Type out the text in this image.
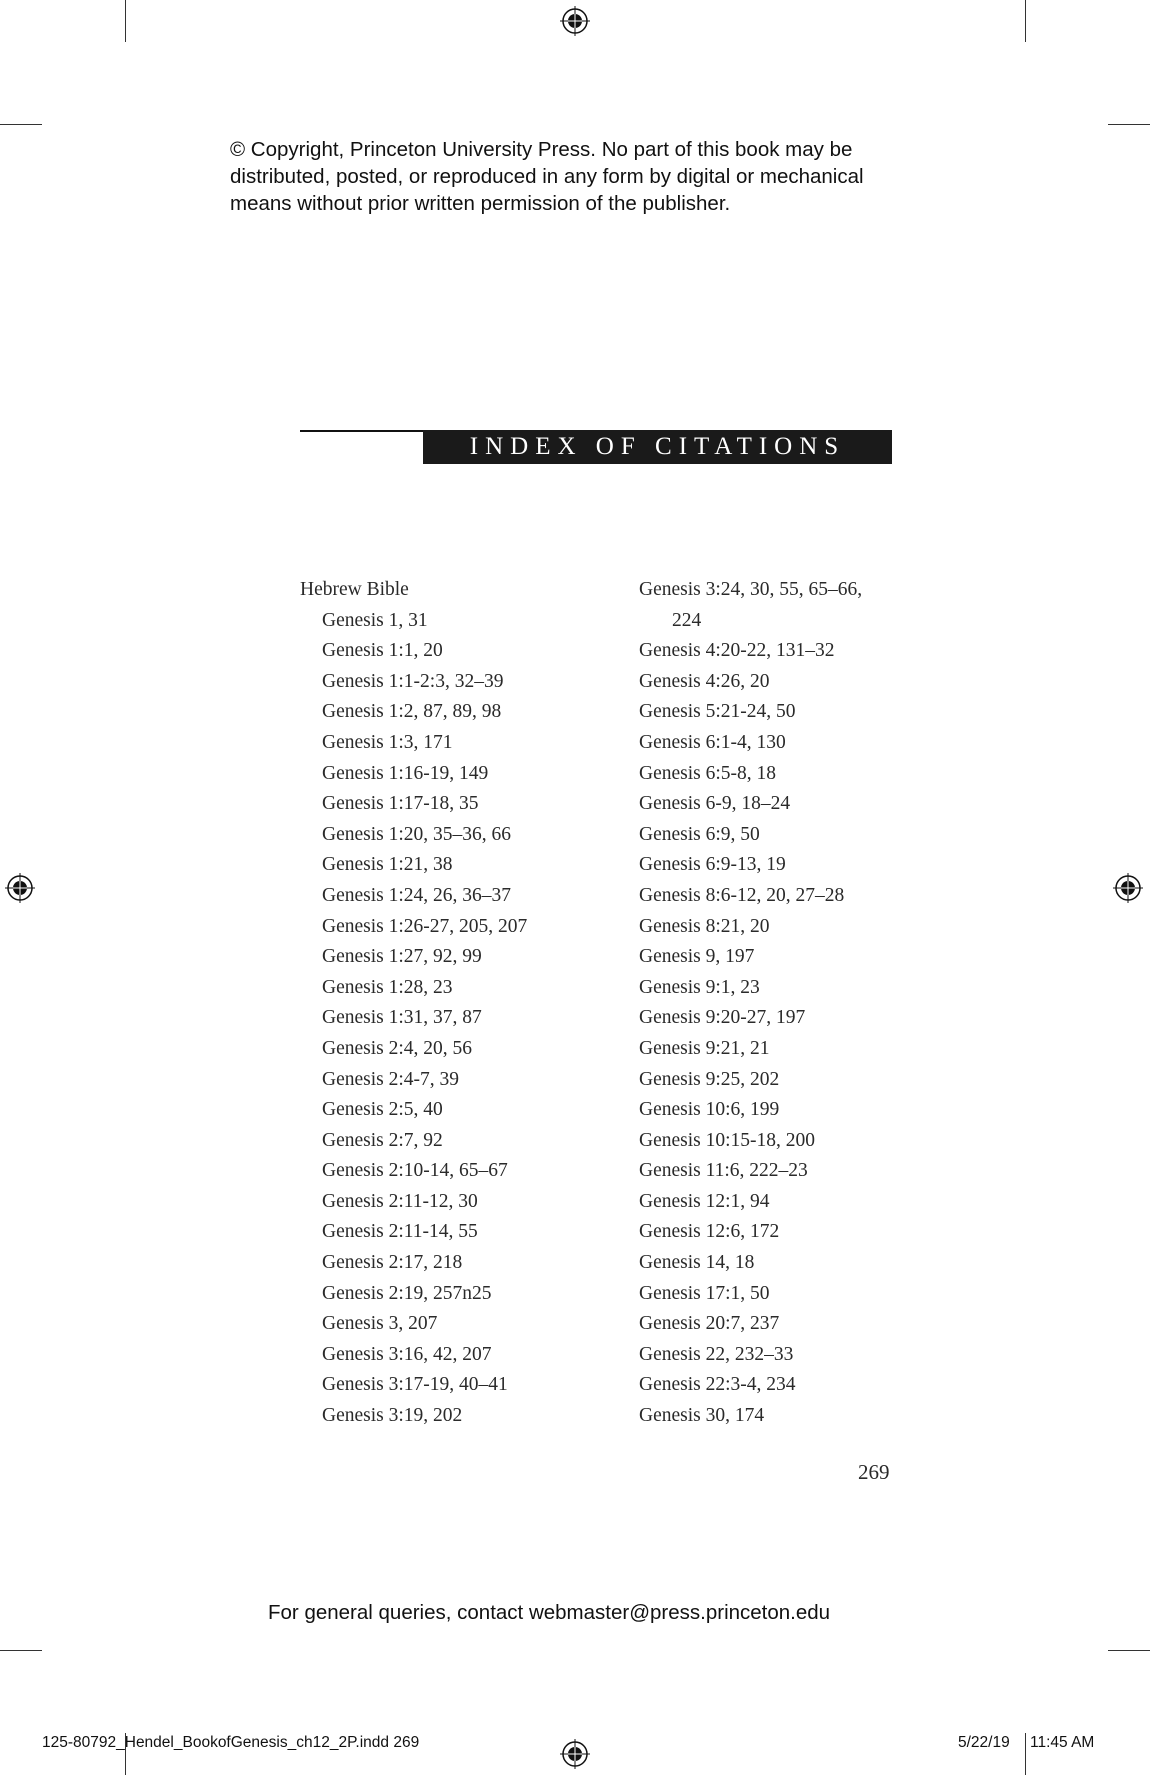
© Copyright, Princeton University Press. No part of this book may be
distributed, posted, or reproduced in any form by digital or mechanical
means without prior written permission of the publisher.
INDEX OF CITATIONS
Hebrew Bible
Genesis 1, 31
Genesis 1:1, 20
Genesis 1:1-2:3, 32–39
Genesis 1:2, 87, 89, 98
Genesis 1:3, 171
Genesis 1:16-19, 149
Genesis 1:17-18, 35
Genesis 1:20, 35–36, 66
Genesis 1:21, 38
Genesis 1:24, 26, 36–37
Genesis 1:26-27, 205, 207
Genesis 1:27, 92, 99
Genesis 1:28, 23
Genesis 1:31, 37, 87
Genesis 2:4, 20, 56
Genesis 2:4-7, 39
Genesis 2:5, 40
Genesis 2:7, 92
Genesis 2:10-14, 65–67
Genesis 2:11-12, 30
Genesis 2:11-14, 55
Genesis 2:17, 218
Genesis 2:19, 257n25
Genesis 3, 207
Genesis 3:16, 42, 207
Genesis 3:17-19, 40–41
Genesis 3:19, 202
Genesis 3:24, 30, 55, 65–66,
224
Genesis 4:20-22, 131–32
Genesis 4:26, 20
Genesis 5:21-24, 50
Genesis 6:1-4, 130
Genesis 6:5-8, 18
Genesis 6-9, 18–24
Genesis 6:9, 50
Genesis 6:9-13, 19
Genesis 8:6-12, 20, 27–28
Genesis 8:21, 20
Genesis 9, 197
Genesis 9:1, 23
Genesis 9:20-27, 197
Genesis 9:21, 21
Genesis 9:25, 202
Genesis 10:6, 199
Genesis 10:15-18, 200
Genesis 11:6, 222–23
Genesis 12:1, 94
Genesis 12:6, 172
Genesis 14, 18
Genesis 17:1, 50
Genesis 20:7, 237
Genesis 22, 232–33
Genesis 22:3-4, 234
Genesis 30, 174
269
For general queries, contact webmaster@press.princeton.edu
125-80792_Hendel_BookofGenesis_ch12_2P.indd 269	5/22/19 11:45 AM
